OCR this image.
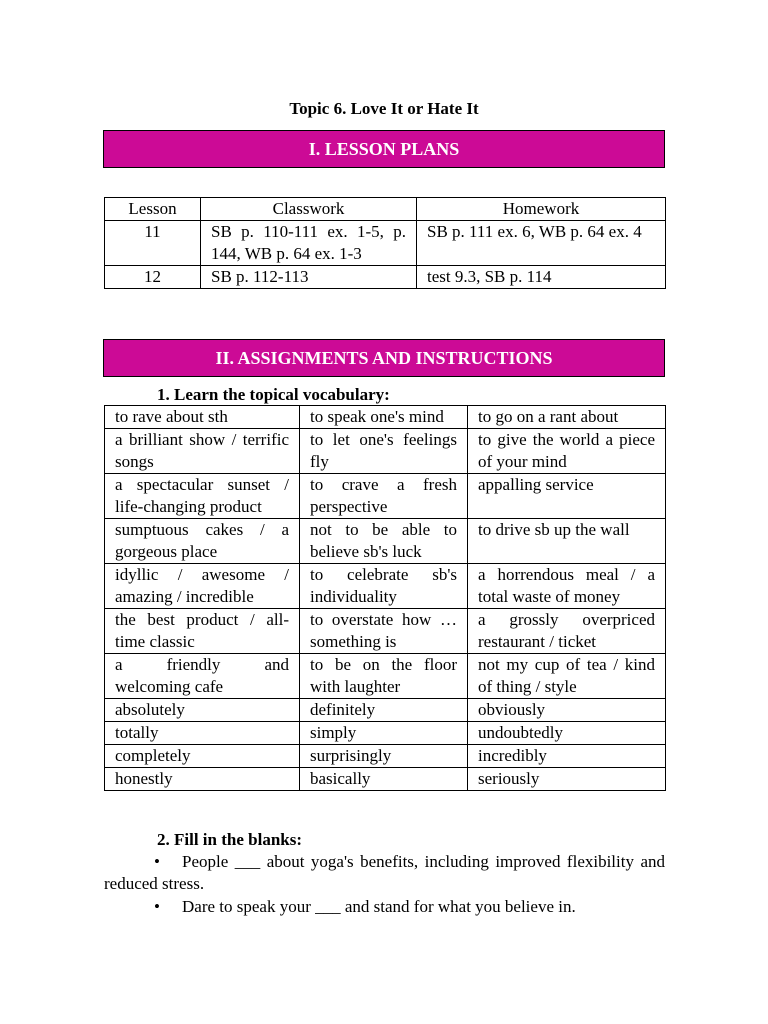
Topic 6. Love It or Hate It
I. LESSON PLANS
Lesson	Classwork	Homework
11	SB p. 110-111 ex. 1-5, p. 144, WB p. 64 ex. 1-3	SB p. 111 ex. 6, WB p. 64 ex. 4
12	SB p. 112-113	test 9.3, SB p. 114
II. ASSIGNMENTS AND INSTRUCTIONS
1. Learn the topical vocabulary:
to rave about sth	to speak one's mind	to go on a rant about
a brilliant show / terrific songs	to let one's feelings fly	to give the world a piece of your mind
a spectacular sunset / life-changing product	to crave a fresh perspective	appalling service
sumptuous cakes / a gorgeous place	not to be able to believe sb's luck	to drive sb up the wall
idyllic / awesome / amazing / incredible	to celebrate sb's individuality	a horrendous meal / a total waste of money
the best product / all-time classic	to overstate how … something is	a grossly overpriced restaurant / ticket
a friendly and welcoming cafe	to be on the floor with laughter	not my cup of tea / kind of thing / style
absolutely	definitely	obviously
totally	simply	undoubtedly
completely	surprisingly	incredibly
honestly	basically	seriously
2. Fill in the blanks:
•	People ___ about yoga's benefits, including improved flexibility and reduced stress.
•	Dare to speak your ___ and stand for what you believe in.
